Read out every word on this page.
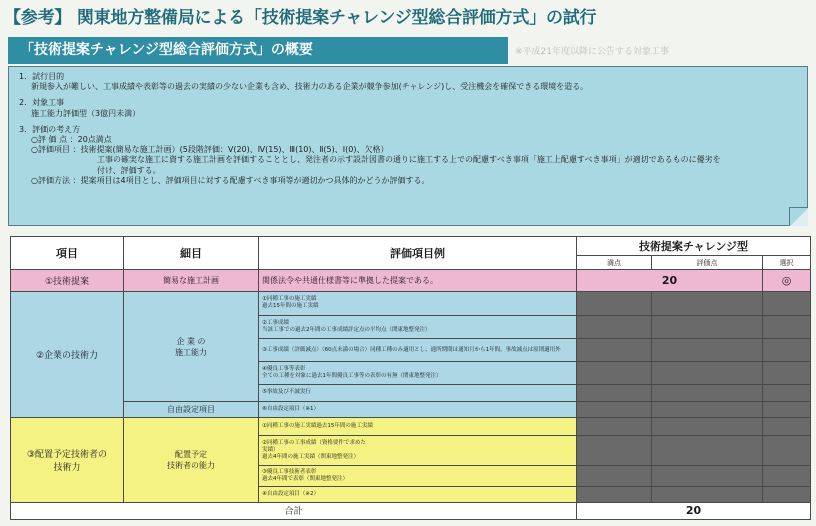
【参考】 関東地方整備局による「技術提案チャレンジ型総合評価方式」の試行
「技術提案チャレンジ型総合評価方式」の概要	※平成21年度以降に公告する対象工事
1．試行目的
新規参入が難しい、工事成績や表彰等の過去の実績の少ない企業も含め、技術力のある企業が競争参加(チャレンジ)し、受注機会を確保できる環境を造る。
2．対象工事
施工能力評価型（3億円未満）
3．評価の考え方
○評 価 点 ：20点満点
○評価項目 ：技術提案(簡易な施工計画）(5段階評価：Ⅴ(20)、Ⅳ(15)、Ⅲ(10)、Ⅱ(5)、Ⅰ(0)、欠格）
工事の確実な施工に資する施工計画を評価することとし、発注者の示す設計図書の通りに施工する上での配慮すべき事項「施工上配慮すべき事項」が適切であるものに優劣を
付け、評価する。
○評価方法 ：提案項目は4項目とし、評価項目に対する配慮すべき事項等が適切かつ具体的かどうか評価する。
項目	細目	評価項目例	技術提案チャレンジ型		
			満点	評価点	選択
①技術提案	簡易な施工計画	関係法令や共通仕様書等に準拠した提案である。	20		◎
②企業の技術力	企 業 の
施工能力	①同種工事の施工実績
過去15年間の施工実績			
		②工事成績
当該工事での過去2年間の工事成績評定点の平均点（関東地整発注）			
		③工事成績（評価減点）（60点未満の場合）同種工種のみ適用とし、通所期間は通知月から1年間。事故減点は原則適用外			
		④優良工事等表彰
全ての工種を対象に過去1年間優良工事等の表彰の有無（関東地整発注）			
		⑤事故及び不誠実行			
	自由設定項目	⑥自由設定項目（※1）			
③配置予定技術者の
技術力	配置予定
技術者の能力	①同種工事の施工実績過去15年間の施工実績			
		②同種工事の工事成績（資格要件で求めた
実績）
過去4年間の施工実績（関東地整発注）			
		③優良工事技術者表彰
過去4年間で表彰（関東地整発注）			
		④自由設定項目（※2）			
合計			20		
